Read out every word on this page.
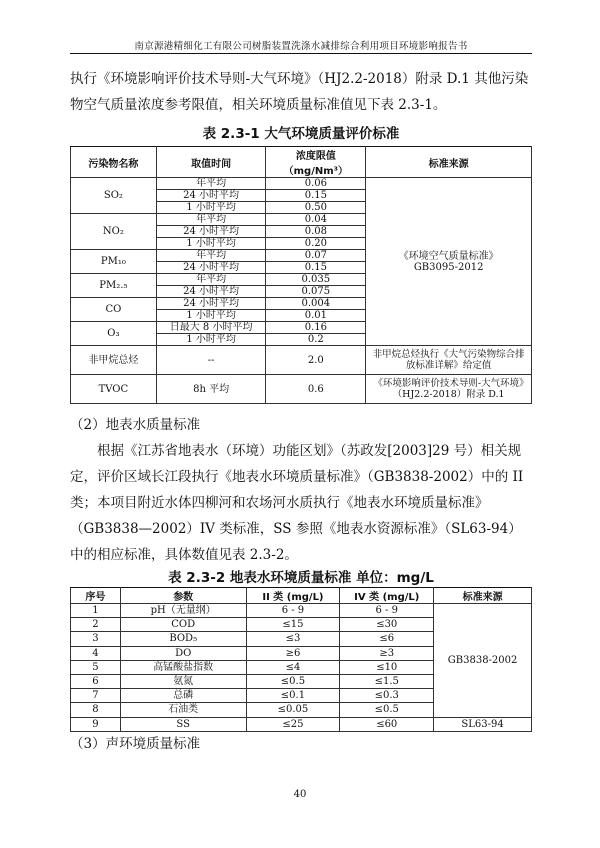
南京源港精细化工有限公司树脂装置洗涤水减排综合利用项目环境影响报告书
执行《环境影响评价技术导则-大气环境》（HJ2.2-2018）附录 D.1 其他污染物空气质量浓度参考限值，相关环境质量标准值见下表 2.3-1。
表 2.3-1 大气环境质量评价标准
污染物名称	取值时间	浓度限值（mg/Nm³）	标准来源
SO₂	年平均	0.06	《环境空气质量标准》GB3095-2012
	24 小时平均	0.15	
	1 小时平均	0.50	
NO₂	年平均	0.04	
	24 小时平均	0.08	
	1 小时平均	0.20	
PM₁₀	年平均	0.07	
	24 小时平均	0.15	
PM₂.₅	年平均	0.035	
	24 小时平均	0.075	
CO	24 小时平均	0.004	
	1 小时平均	0.01	
O₃	日最大 8 小时平均	0.16	
	1 小时平均	0.2	
非甲烷总烃	--	2.0	非甲烷总烃执行《大气污染物综合排放标准详解》给定值
TVOC	8h 平均	0.6	《环境影响评价技术导则-大气环境》（HJ2.2-2018）附录 D.1
（2）地表水质量标准
根据《江苏省地表水（环境）功能区划》（苏政发[2003]29 号）相关规定，评价区域长江段执行《地表水环境质量标准》（GB3838-2002）中的 II 类；本项目附近水体四柳河和农场河水质执行《地表水环境质量标准》（GB3838—2002）IV 类标准，SS 参照《地表水资源标准》（SL63-94）中的相应标准，具体数值见表 2.3-2。
表 2.3-2 地表水环境质量标准 单位：mg/L
序号	参数	II 类 (mg/L)	IV 类 (mg/L)	标准来源
1	pH（无量纲）	6 - 9	6 - 9	GB3838-2002
2	COD	≤15	≤30	
3	BOD₅	≤3	≤6	
4	DO	≥6	≥3	
5	高锰酸盐指数	≤4	≤10	
6	氨氮	≤0.5	≤1.5	
7	总磷	≤0.1	≤0.3	
8	石油类	≤0.05	≤0.5	
9	SS	≤25	≤60	SL63-94
（3）声环境质量标准
40
